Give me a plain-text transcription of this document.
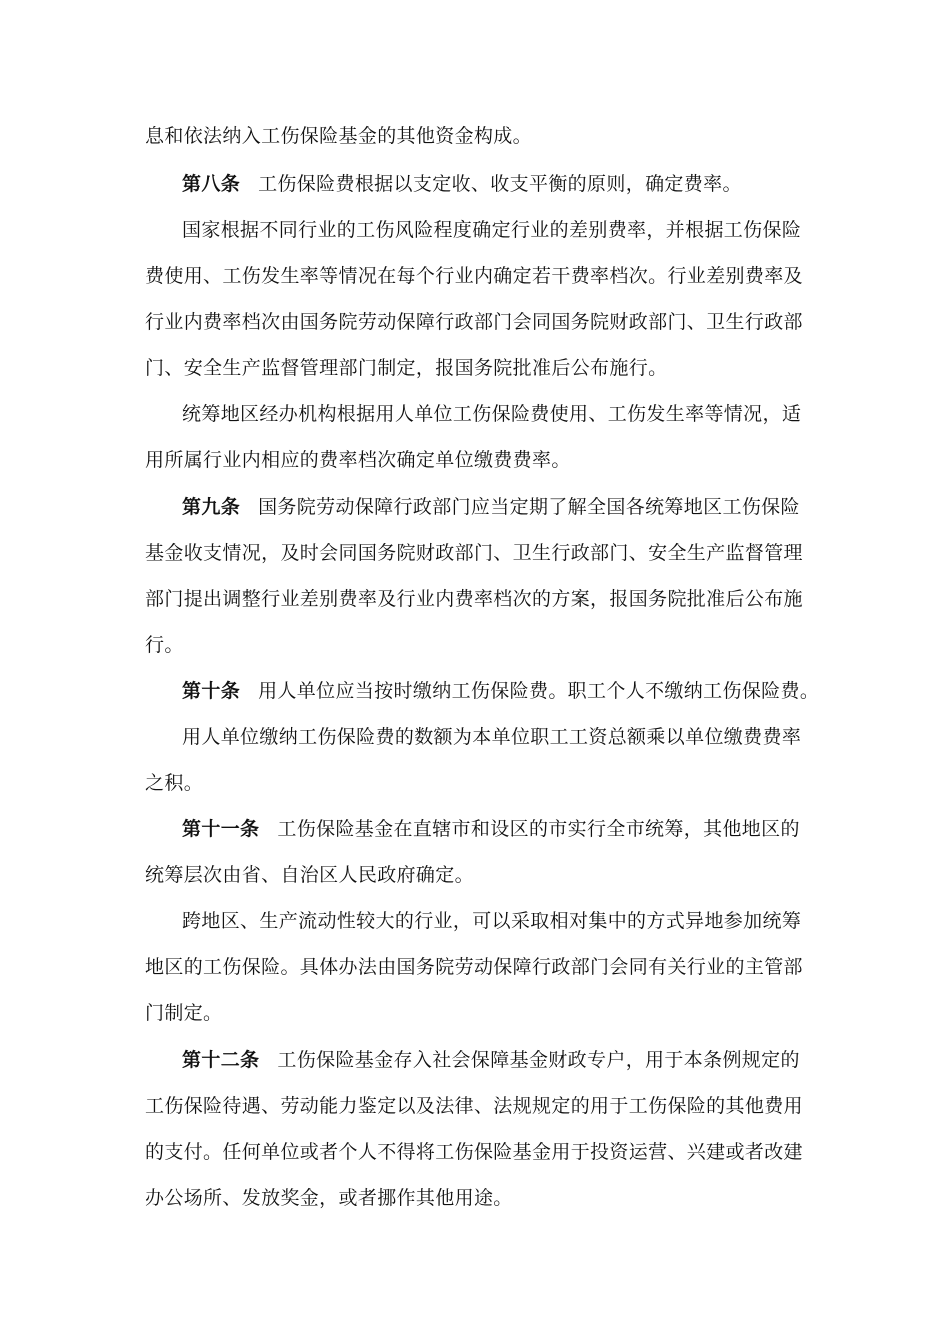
息和依法纳入工伤保险基金的其他资金构成。
第八条 工伤保险费根据以支定收、收支平衡的原则，确定费率。
国家根据不同行业的工伤风险程度确定行业的差别费率，并根据工伤保险
费使用、工伤发生率等情况在每个行业内确定若干费率档次。行业差别费率及
行业内费率档次由国务院劳动保障行政部门会同国务院财政部门、卫生行政部
门、安全生产监督管理部门制定，报国务院批准后公布施行。
统筹地区经办机构根据用人单位工伤保险费使用、工伤发生率等情况，适
用所属行业内相应的费率档次确定单位缴费费率。
第九条 国务院劳动保障行政部门应当定期了解全国各统筹地区工伤保险
基金收支情况，及时会同国务院财政部门、卫生行政部门、安全生产监督管理
部门提出调整行业差别费率及行业内费率档次的方案，报国务院批准后公布施
行。
第十条 用人单位应当按时缴纳工伤保险费。职工个人不缴纳工伤保险费。
用人单位缴纳工伤保险费的数额为本单位职工工资总额乘以单位缴费费率
之积。
第十一条 工伤保险基金在直辖市和设区的市实行全市统筹，其他地区的
统筹层次由省、自治区人民政府确定。
跨地区、生产流动性较大的行业，可以采取相对集中的方式异地参加统筹
地区的工伤保险。具体办法由国务院劳动保障行政部门会同有关行业的主管部
门制定。
第十二条 工伤保险基金存入社会保障基金财政专户，用于本条例规定的
工伤保险待遇、劳动能力鉴定以及法律、法规规定的用于工伤保险的其他费用
的支付。任何单位或者个人不得将工伤保险基金用于投资运营、兴建或者改建
办公场所、发放奖金，或者挪作其他用途。
